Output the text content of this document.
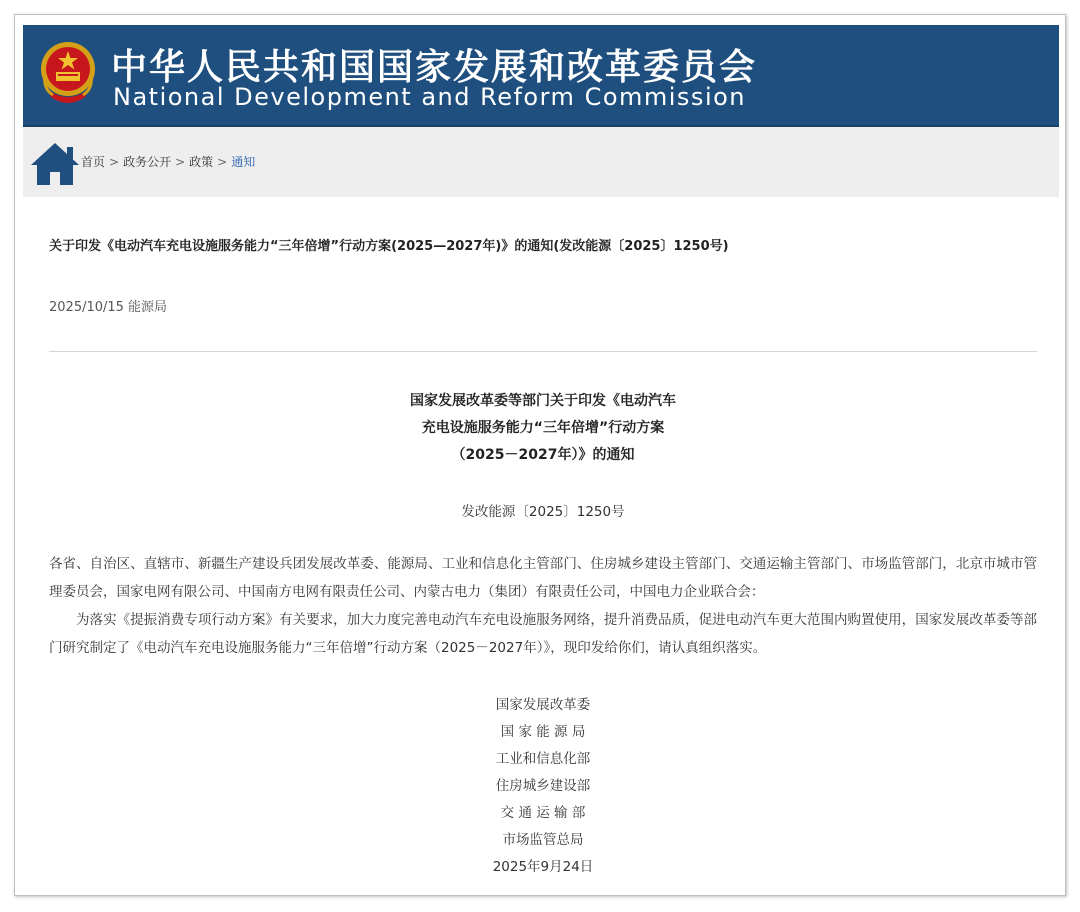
中华人民共和国国家发展和改革委员会
National Development and Reform Commission
首页 > 政务公开 > 政策 > 通知
关于印发《电动汽车充电设施服务能力“三年倍增”行动方案(2025—2027年)》的通知(发改能源〔2025〕1250号)
2025/10/15 能源局
国家发展改革委等部门关于印发《电动汽车
充电设施服务能力“三年倍增”行动方案
（2025－2027年）》的通知
发改能源〔2025〕1250号
各省、自治区、直辖市、新疆生产建设兵团发展改革委、能源局、工业和信息化主管部门、住房城乡建设主管部门、交通运输主管部门、市场监管部门，北京市城市管理委员会，国家电网有限公司、中国南方电网有限责任公司、内蒙古电力（集团）有限责任公司，中国电力企业联合会：
为落实《提振消费专项行动方案》有关要求，加大力度完善电动汽车充电设施服务网络，提升消费品质，促进电动汽车更大范围内购置使用，国家发展改革委等部门研究制定了《电动汽车充电设施服务能力“三年倍增”行动方案（2025－2027年）》，现印发给你们，请认真组织落实。
国家发展改革委
国 家 能 源 局
工业和信息化部
住房城乡建设部
交 通 运 输 部
市场监管总局
2025年9月24日
